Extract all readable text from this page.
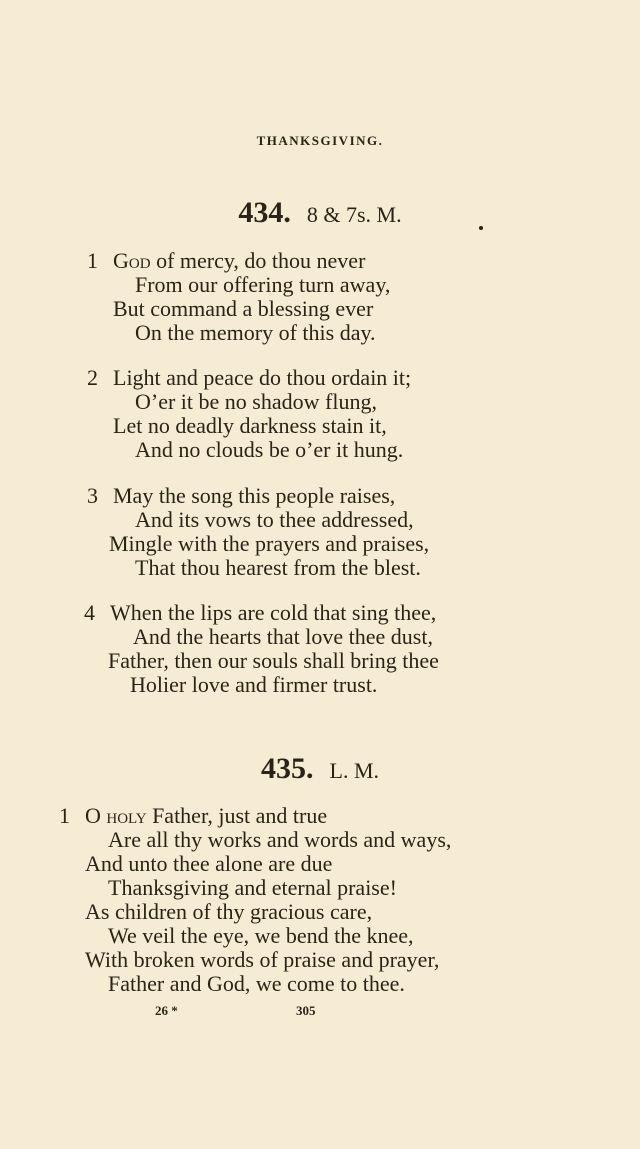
THANKSGIVING.
434. 8 & 7s. M.
1 God of mercy, do thou never
From our offering turn away,
But command a blessing ever
On the memory of this day.
2 Light and peace do thou ordain it;
O’er it be no shadow flung,
Let no deadly darkness stain it,
And no clouds be o’er it hung.
3 May the song this people raises,
And its vows to thee addressed,
Mingle with the prayers and praises,
That thou hearest from the blest.
4 When the lips are cold that sing thee,
And the hearts that love thee dust,
Father, then our souls shall bring thee
Holier love and firmer trust.
435. L. M.
1 O holy Father, just and true
Are all thy works and words and ways,
And unto thee alone are due
Thanksgiving and eternal praise!
As children of thy gracious care,
We veil the eye, we bend the knee,
With broken words of praise and prayer,
Father and God, we come to thee.
26 *	305
